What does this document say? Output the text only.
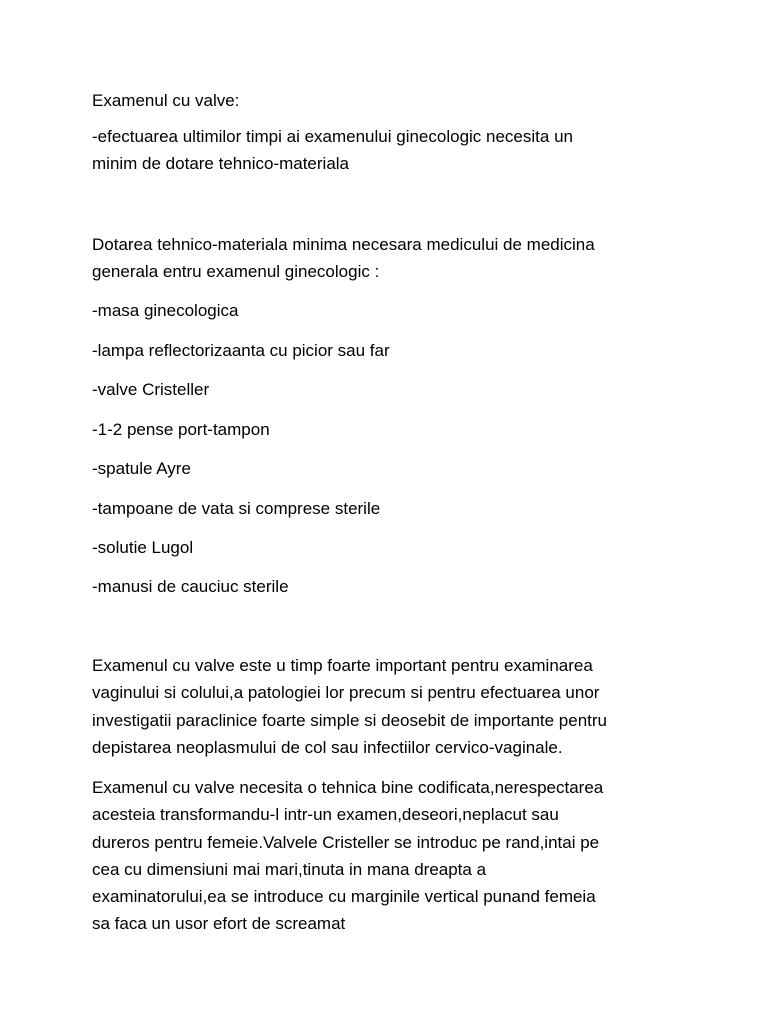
Examenul cu valve:

-efectuarea ultimilor timpi ai examenului ginecologic necesita un

minim de dotare tehnico-materiala

Dotarea tehnico-materiala minima necesara medicului de medicina

generala entru examenul ginecologic :

-masa ginecologica

-lampa reflectorizaanta cu picior sau far

-valve Cristeller

-1-2 pense port-tampon

-spatule Ayre

-tampoane de vata si comprese sterile

-solutie Lugol

-manusi de cauciuc sterile

Examenul cu valve este u timp foarte important pentru examinarea

vaginului si colului,a patologiei lor precum si pentru efectuarea unor

investigatii paraclinice foarte simple si deosebit de importante pentru

depistarea neoplasmului de col sau infectiilor cervico-vaginale.

Examenul cu valve necesita o tehnica bine codificata,nerespectarea

acesteia transformandu-l intr-un examen,deseori,neplacut sau

dureros pentru femeie.Valvele Cristeller se introduc pe rand,intai pe

cea cu dimensiuni mai mari,tinuta in mana dreapta a

examinatorului,ea se introduce cu marginile vertical punand femeia

sa faca un usor efort de screamat
